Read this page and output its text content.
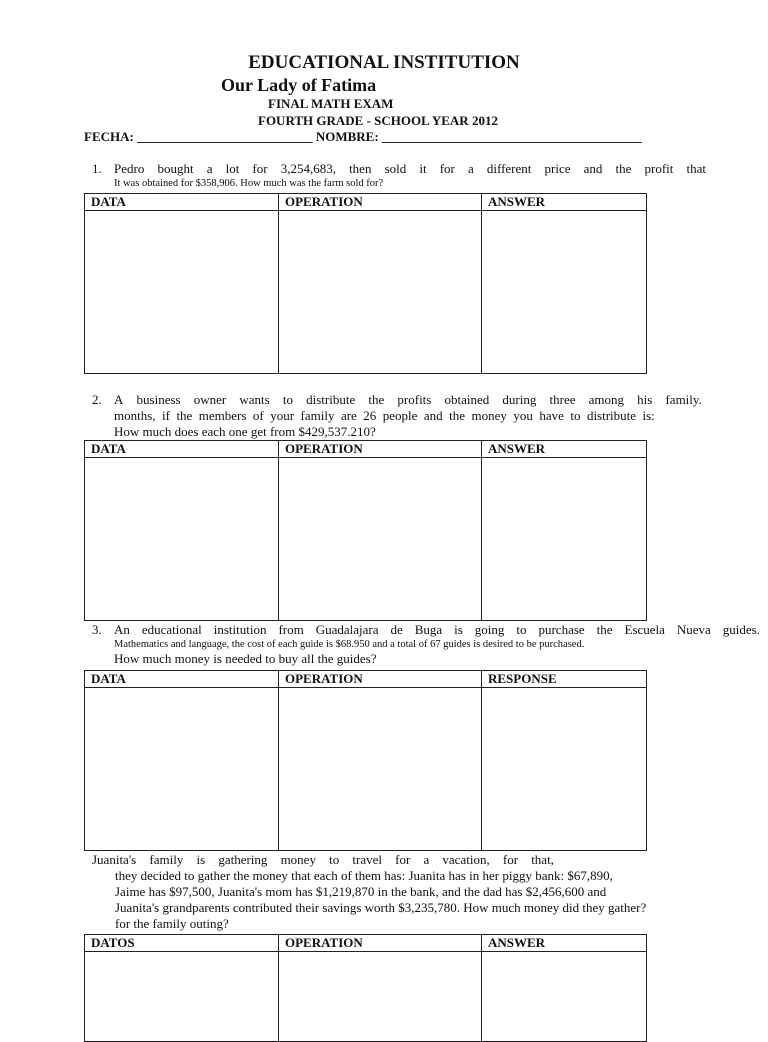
EDUCATIONAL INSTITUTION
Our Lady of Fatima
FINAL MATH EXAM
FOURTH GRADE - SCHOOL YEAR 2012
FECHA: ___________________________ NOMBRE: ________________________________________
1. Pedro bought a lot for 3,254,683, then sold it for a different price and the profit that
It was obtained for $358,906. How much was the farm sold for?
DATA	OPERATION	ANSWER

2. A business owner wants to distribute the profits obtained during three among his family.
months, if the members of your family are 26 people and the money you have to distribute is:
How much does each one get from $429,537.210?
DATA	OPERATION	ANSWER

3. An educational institution from Guadalajara de Buga is going to purchase the Escuela Nueva guides.
Mathematics and language, the cost of each guide is $68.950 and a total of 67 guides is desired to be purchased.
How much money is needed to buy all the guides?
DATA	OPERATION	RESPONSE

Juanita's family is gathering money to travel for a vacation, for that,
they decided to gather the money that each of them has: Juanita has in her piggy bank: $67,890,
Jaime has $97,500, Juanita's mom has $1,219,870 in the bank, and the dad has $2,456,600 and
Juanita's grandparents contributed their savings worth $3,235,780. How much money did they gather?
for the family outing?
DATOS	OPERATION	ANSWER
